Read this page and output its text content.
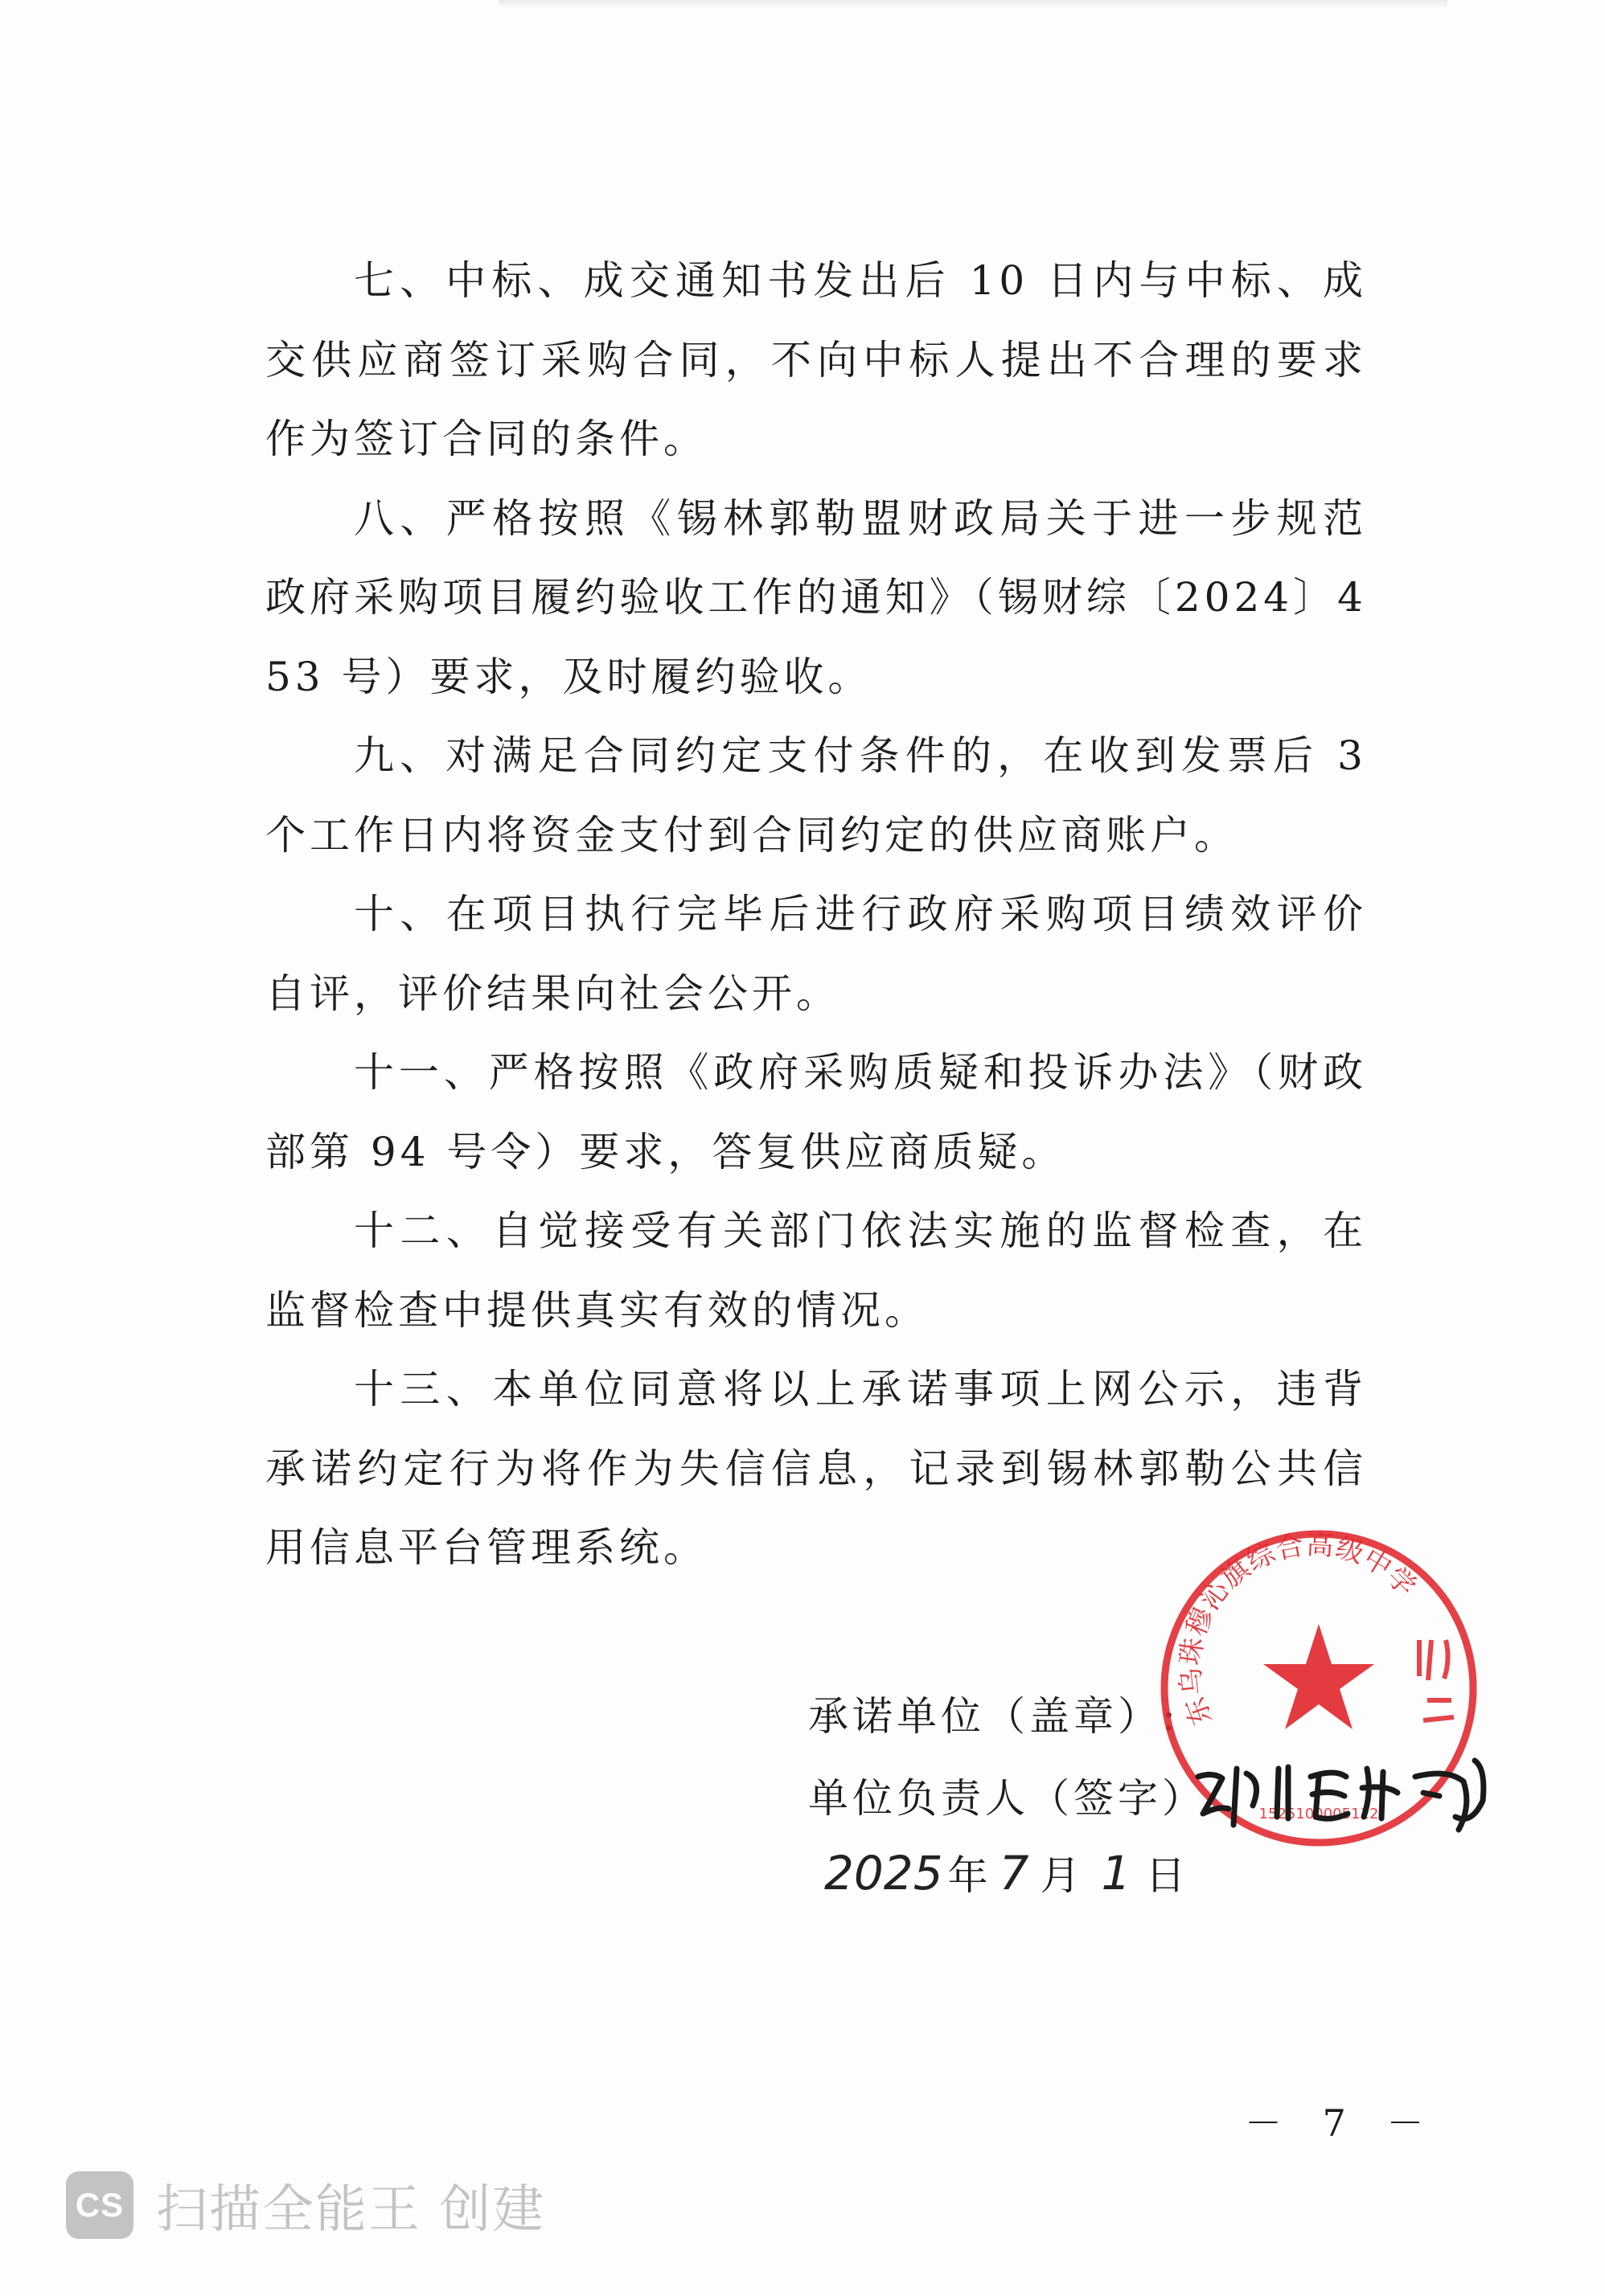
七、中标、成交通知书发出后 10 日内与中标、成交供应商签订采购合同，不向中标人提出不合理的要求作为签订合同的条件。

八、严格按照《锡林郭勒盟财政局关于进一步规范政府采购项目履约验收工作的通知》（锡财综〔2024〕453 号）要求，及时履约验收。

九、对满足合同约定支付条件的，在收到发票后 3 个工作日内将资金支付到合同约定的供应商账户。

十、在项目执行完毕后进行政府采购项目绩效评价自评，评价结果向社会公开。

十一、严格按照《政府采购质疑和投诉办法》（财政部第 94 号令）要求，答复供应商质疑。

十二、自觉接受有关部门依法实施的监督检查，在监督检查中提供真实有效的情况。

十三、本单位同意将以上承诺事项上网公示，违背承诺约定行为将作为失信信息，记录到锡林郭勒公共信用信息平台管理系统。

承诺单位（盖章）:
单位负责人（签字）:
2025 年 7 月 1 日
东乌珠穆沁旗综合高级中学
1525100005112
－ 7 －
CS 扫描全能王 创建
